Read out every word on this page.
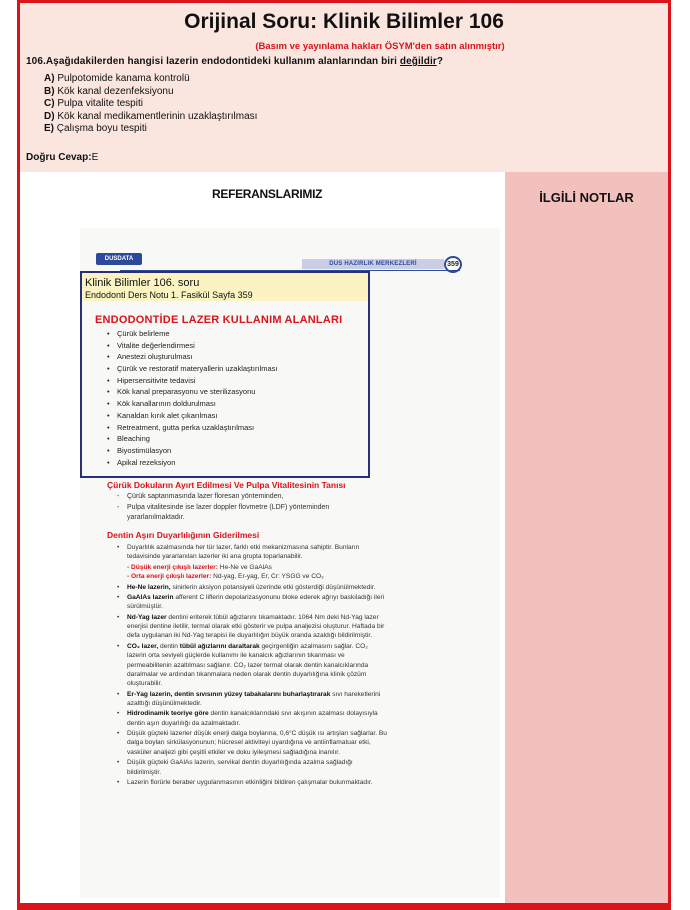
Orijinal Soru: Klinik Bilimler 106
(Basım ve yayınlama hakları ÖSYM'den satın alınmıştır)
106.Aşağıdakilerden hangisi lazerin endodontideki kullanım alanlarından biri değildir?
A) Pulpotomide kanama kontrolü
B) Kök kanal dezenfeksiyonu
C) Pulpa vitalite tespiti
D) Kök kanal medikamentlerinin uzaklaştırılması
E) Çalışma boyu tespiti
Doğru Cevap:E
İLGİLİ NOTLAR
REFERANSLARIMIZ
DUSDATA
DUS HAZIRLIK MERKEZLERİ	359
ENDODONTİDE LAZER KULLANIM ALANLARI
• Çürük belirleme
• Vitalite değerlendirmesi
• Anestezi oluşturulması
• Çürük ve restoratif materyallerin uzaklaştırılması
• Hipersensitivite tedavisi
• Kök kanal preparasyonu ve sterilizasyonu
• Kök kanallarının doldurulması
• Kanaldan kırık alet çıkarılması
• Retreatment, gutta perka uzaklaştırılması
• Bleaching
• Biyostimülasyon
• Apikal rezeksiyon
Klinik Bilimler 106. soru
Endodonti Ders Notu 1. Fasikül Sayfa 359
Çürük Dokuların Ayırt Edilmesi Ve Pulpa Vitalitesinin Tanısı

- Çürük saptanmasında lazer floresan yönteminden,

- Pulpa vitalitesinde ise lazer doppler flovmetre (LDF) yönteminden yararlanılmaktadır.

Dentin Aşırı Duyarlılığının Giderilmesi
• Duyarlılık azalmasında her tür lazer, farklı etki mekanizmasına sahiptir. Bunların tedavisinde yararlanılan lazerler iki ana grupta toparlanabilir.
- Düşük enerji çıkışlı lazerler: He-Ne ve GaAlAs
- Orta enerji çıkışlı lazerler: Nd-yag, Er-yag, Er, Cr: YSGG ve CO₂
• He-Ne lazerin, sinirlerin aksiyon potansiyeli üzerinde etki gösterdiği düşünülmektedir.
• GaAlAs lazerin afferent C liflerin depolarizasyonunu bloke ederek ağrıyı baskıladığı ileri sürülmüştür.
• Nd-Yag lazer dentini eriterek tübül ağızlarını tıkamaktadır. 1064 Nm deki Nd-Yag lazer enerjisi dentine iletilir, termal olarak etki gösterir ve pulpa analjezisi oluşturur. Haftada bir defa uygulanan iki Nd-Yag terapisi ile duyarlılığın büyük oranda azaldığı bildirilmiştir.
• CO₂ lazer, dentin tübül ağızlarını daraltarak geçirgenliğin azalmasını sağlar. CO₂ lazerin orta seviyeli güçlerde kullanımı ile kanalcık ağızlarının tıkanması ve permeabilitenin azaltılması sağlanır. CO₂ lazer termal olarak dentin kanalcıklarında daralmalar ve ardından tıkanmalara neden olarak dentin duyarlılığına klinik çözüm oluşturabilir.
• Er-Yag lazerin, dentin sıvısının yüzey tabakalarını buharlaştırarak sıvı hareketlerini azalttığı düşünülmektedir.
• Hidrodinamik teoriye göre dentin kanalcıklarındaki sıvı akışının azalması dolayısıyla dentin aşırı duyarlılığı da azalmaktadır.
• Düşük güçteki lazerler düşük enerji dalga boylarına, 0,6°C düşük ısı artışları sağlarlar. Bu dalga boyları sirkülasyonunun; hücresel aktiviteyi uyardığına ve antiinflamatuar etki, vasküler analjezi gibi çeşitli etkiler ve doku iyileşmesi sağladığına inanılır.
• Düşük güçteki GaAlAs lazerin, servikal dentin duyarlılığında azalma sağladığı bildirilmiştir.
• Lazerin florürle beraber uygulanmasının etkinliğini bildiren çalışmalar bulunmaktadır.
